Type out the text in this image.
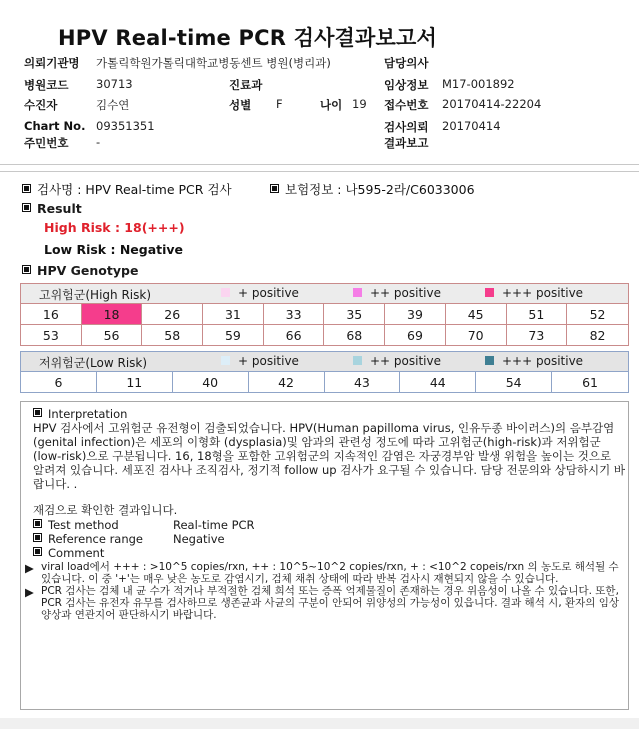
HPV Real-time PCR 검사결과보고서
의뢰기관명 가톨릭학원가톨릭대학교병동센트 병원(병리과)	담당의사
병원코드 30713	진료과	임상정보 M17-001892
수진자	김수연	성별 F	나이 19 접수번호 20170414-22204
Chart No. 09351351	검사의뢰 20170414
주민번호 -	결과보고
검사명 : HPV Real-time PCR 검사	보험정보 : 나595-2라/C6033006
Result
High Risk : 18(+++)
Low Risk : Negative
HPV Genotype
고위험군(High Risk)	+ positive	++ positive	+++ positive
16	18	26	31	33	35	39	45	51	52
53	56	58	59	66	68	69	70	73	82
저위험군(Low Risk)	+ positive	++ positive	+++ positive
6	11	40	42	43	44	54	61
Interpretation
HPV 검사에서 고위험군 유전형이 검출되었습니다. HPV(Human papilloma virus, 인유두종 바이러스)의 음부감염(genital infection)은 세포의 이형화 (dysplasia)및 암과의 관련성 정도에 따라 고위험군(high-risk)과 저위험군(low-risk)으로 구분됩니다. 16, 18형을 포함한 고위험군의 지속적인 감염은 자궁경부암 발생 위험을 높이는 것으로 알려져 있습니다. 세포진 검사나 조직검사, 정기적 follow up 검사가 요구될 수 있습니다. 담당 전문의와 상담하시기 바랍니다. .
재검으로 확인한 결과입니다.
Test method	Real-time PCR
Reference range	Negative
Comment
▶ viral load에서 +++ : >10^5 copies/rxn, ++ : 10^5~10^2 copies/rxn, + : <10^2 copeis/rxn 의 농도로 해석될 수 있습니다. 이 중 '+'는 매우 낮은 농도로 감염시기, 검체 채취 상태에 따라 반복 검사시 재현되지 않을 수 있습니다.
▶ PCR 검사는 검체 내 균 수가 적거나 부적절한 검체 희석 또는 증폭 억제물질이 존재하는 경우 위음성이 나올 수 있습니다. 또한, PCR 검사는 유전자 유무를 검사하므로 생존균과 사균의 구분이 안되어 위양성의 가능성이 있읍니다. 결과 해석 시, 환자의 임상 양상과 연관지어 판단하시기 바랍니다.
